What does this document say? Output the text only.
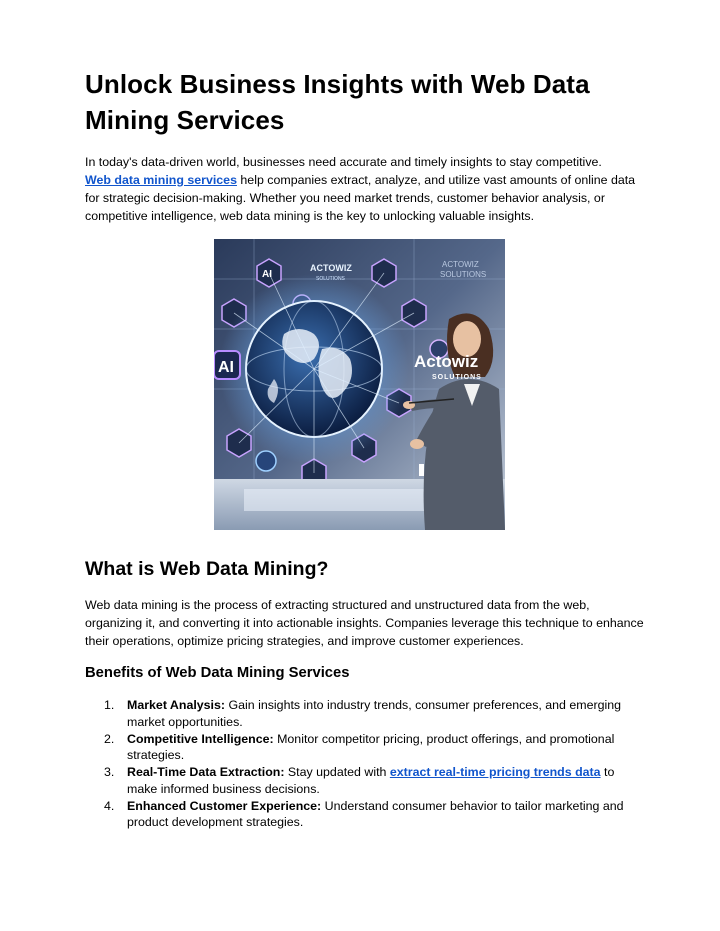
Unlock Business Insights with Web Data Mining Services

In today's data-driven world, businesses need accurate and timely insights to stay competitive.
Web data mining services help companies extract, analyze, and utilize vast amounts of online data for strategic decision-making. Whether you need market trends, customer behavior analysis, or competitive intelligence, web data mining is the key to unlocking valuable insights.

ACTOWIZ
SOLUTIONS
ACTOWIZ
SOLUTIONS
Actowiz
SOLUTIONS
AI
AI
What is Web Data Mining?

Web data mining is the process of extracting structured and unstructured data from the web, organizing it, and converting it into actionable insights. Companies leverage this technique to enhance their operations, optimize pricing strategies, and improve customer experiences.

Benefits of Web Data Mining Services
1. Market Analysis: Gain insights into industry trends, consumer preferences, and emerging market opportunities.
2. Competitive Intelligence: Monitor competitor pricing, product offerings, and promotional strategies.
3. Real-Time Data Extraction: Stay updated with extract real-time pricing trends data to make informed business decisions.
4. Enhanced Customer Experience: Understand consumer behavior to tailor marketing and product development strategies.
